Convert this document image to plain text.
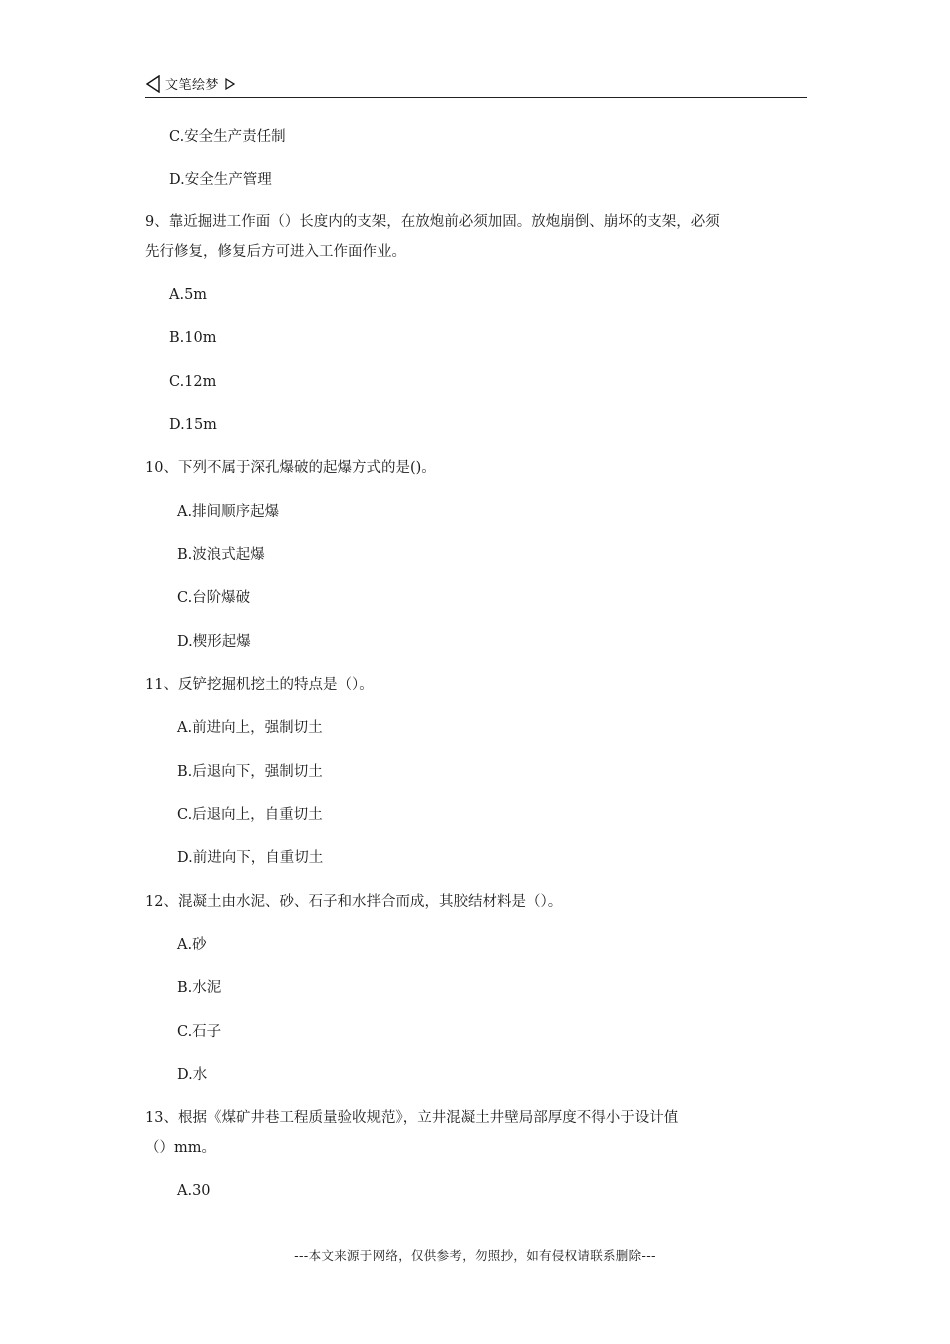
文笔绘梦
C.安全生产责任制
D.安全生产管理
9、靠近掘进工作面（）长度内的支架，在放炮前必须加固。放炮崩倒、崩坏的支架，必须
先行修复，修复后方可进入工作面作业。
A.5m
B.10m
C.12m
D.15m
10、下列不属于深孔爆破的起爆方式的是()。
A.排间顺序起爆
B.波浪式起爆
C.台阶爆破
D.楔形起爆
11、反铲挖掘机挖土的特点是（）。
A.前进向上，强制切土
B.后退向下，强制切土
C.后退向上，自重切土
D.前进向下，自重切土
12、混凝土由水泥、砂、石子和水拌合而成，其胶结材料是（）。
A.砂
B.水泥
C.石子
D.水
13、根据《煤矿井巷工程质量验收规范》，立井混凝土井壁局部厚度不得小于设计值
（）mm。
A.30
---本文来源于网络，仅供参考，勿照抄，如有侵权请联系删除---
